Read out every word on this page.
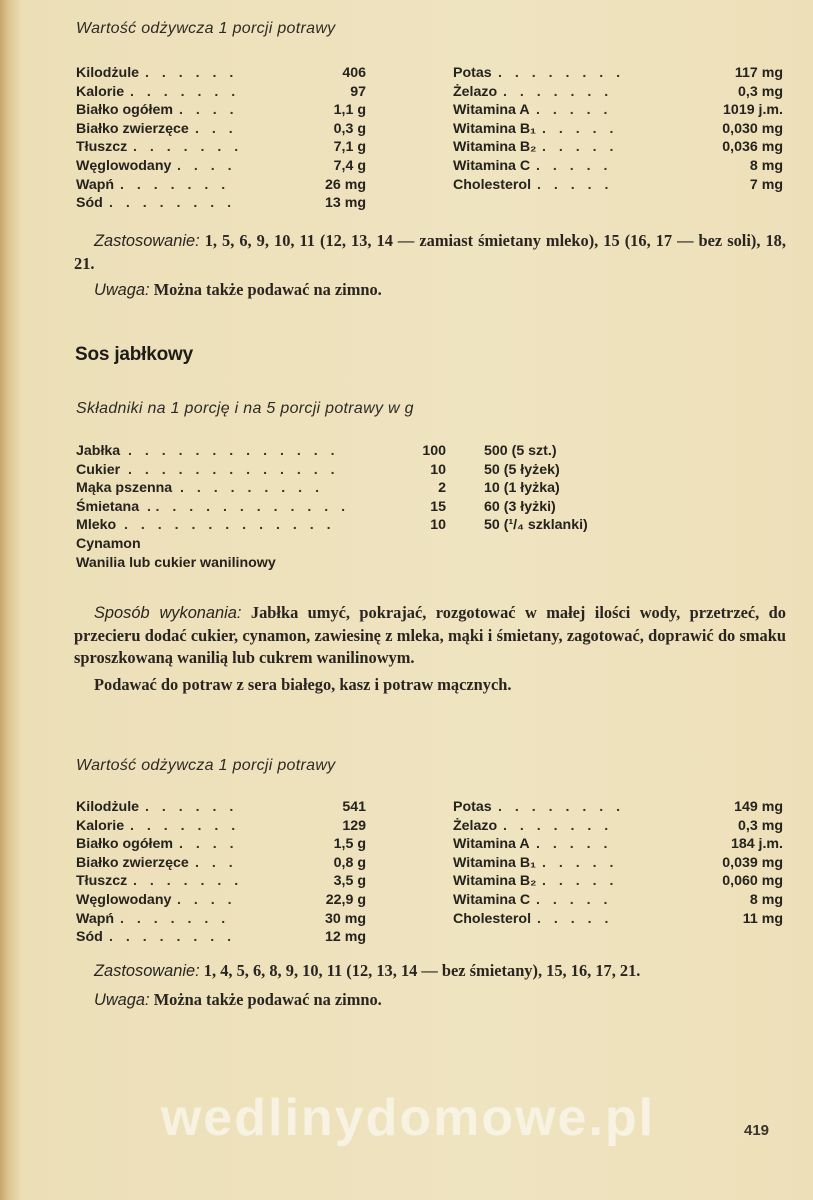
Wartość odżywcza 1 porcji potrawy
Kilodżule . . . . . .	406
Kalorie . . . . . . .	97
Białko ogółem . . . .	1,1 g
Białko zwierzęce . . .	0,3 g
Tłuszcz . . . . . . .	7,1 g
Węglowodany . . . .	7,4 g
Wapń . . . . . . .	26 mg
Sód . . . . . . . .	13 mg
Potas . . . . . . . .	117 mg
Żelazo . . . . . . .	0,3 mg
Witamina A . . . . .	1019 j.m.
Witamina B₁ . . . . .	0,030 mg
Witamina B₂ . . . . .	0,036 mg
Witamina C . . . . .	8 mg
Cholesterol . . . . .	7 mg
Zastosowanie: 1, 5, 6, 9, 10, 11 (12, 13, 14 — zamiast śmietany mleko), 15 (16, 17 — bez soli), 18, 21.
Uwaga: Można także podawać na zimno.
Sos jabłkowy
Składniki na 1 porcję i na 5 porcji potrawy w g
Jabłka . . . . . . . . . . . . .	100	500 (5 szt.)
Cukier . . . . . . . . . . . . .	10	50 (5 łyżek)
Mąka pszenna . . . . . . . . .	2	10 (1 łyżka)
Śmietana .. . . . . . . . . . . .	15	60 (3 łyżki)
Mleko . . . . . . . . . . . . .	10	50 (¹/₄ szklanki)
Cynamon
Wanilia lub cukier wanilinowy
Sposób wykonania: Jabłka umyć, pokrajać, rozgotować w małej ilości wody, przetrzeć, do przecieru dodać cukier, cynamon, zawiesinę z mleka, mąki i śmietany, zagotować, doprawić do smaku sproszkowaną wanilią lub cukrem wanilinowym.
Podawać do potraw z sera białego, kasz i potraw mącznych.
Wartość odżywcza 1 porcji potrawy
Kilodżule . . . . . .	541
Kalorie . . . . . . .	129
Białko ogółem . . . .	1,5 g
Białko zwierzęce . . .	0,8 g
Tłuszcz . . . . . . .	3,5 g
Węglowodany . . . .	22,9 g
Wapń . . . . . . .	30 mg
Sód . . . . . . . .	12 mg
Potas . . . . . . . .	149 mg
Żelazo . . . . . . .	0,3 mg
Witamina A . . . . .	184 j.m.
Witamina B₁ . . . . .	0,039 mg
Witamina B₂ . . . . .	0,060 mg
Witamina C . . . . .	8 mg
Cholesterol . . . . .	11 mg
Zastosowanie: 1, 4, 5, 6, 8, 9, 10, 11 (12, 13, 14 — bez śmietany), 15, 16, 17, 21.
Uwaga: Można także podawać na zimno.
wedlinydomowe.pl	419
